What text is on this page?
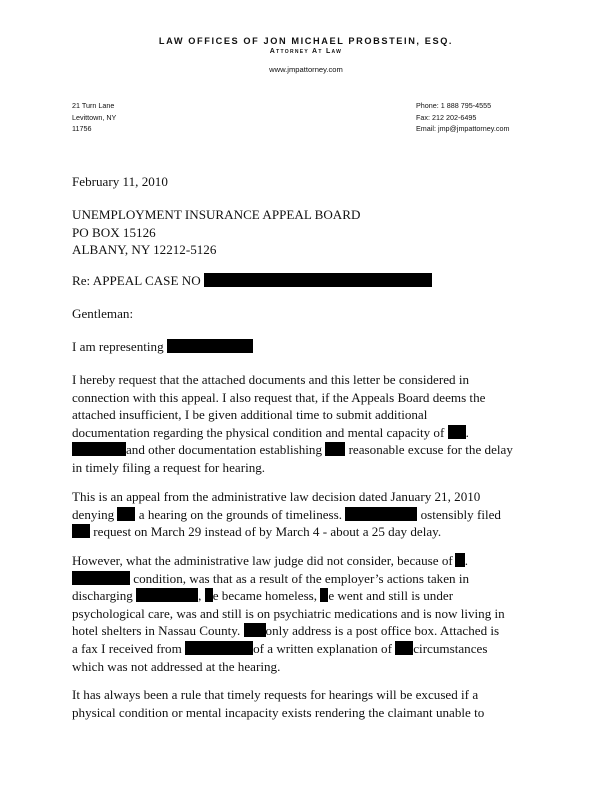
LAW OFFICES OF JON MICHAEL PROBSTEIN, ESQ.
Attorney At Law
www.jmpattorney.com
21 Turn Lane
Levittown, NY
11756
Phone: 1 888 795-4555
Fax: 212 202-6495
Email: jmp@jmpattorney.com
February 11, 2010
UNEMPLOYMENT INSURANCE APPEAL BOARD
PO BOX 15126
ALBANY, NY 12212-5126
Re: APPEAL CASE NO
Gentleman:
I am representing
I hereby request that the attached documents and this letter be considered in
connection with this appeal. I also request that, if the Appeals Board deems the
attached insufficient, I be given additional time to submit additional
documentation regarding the physical condition and mental capacity of .
and other documentation establishing reasonable excuse for the delay
in timely filing a request for hearing.
This is an appeal from the administrative law decision dated January 21, 2010
denying a hearing on the grounds of timeliness.	ostensibly filed
request on March 29 instead of by March 4 - about a 25 day delay.
However, what the administrative law judge did not consider, because of .
condition, was that as a result of the employer’s actions taken in
discharging	, e became homeless, e went and still is under
psychological care, was and still is on psychiatric medications and is now living in
hotel shelters in Nassau County. only address is a post office box. Attached is
a fax I received from	of a written explanation of circumstances
which was not addressed at the hearing.
It has always been a rule that timely requests for hearings will be excused if a
physical condition or mental incapacity exists rendering the claimant unable to
